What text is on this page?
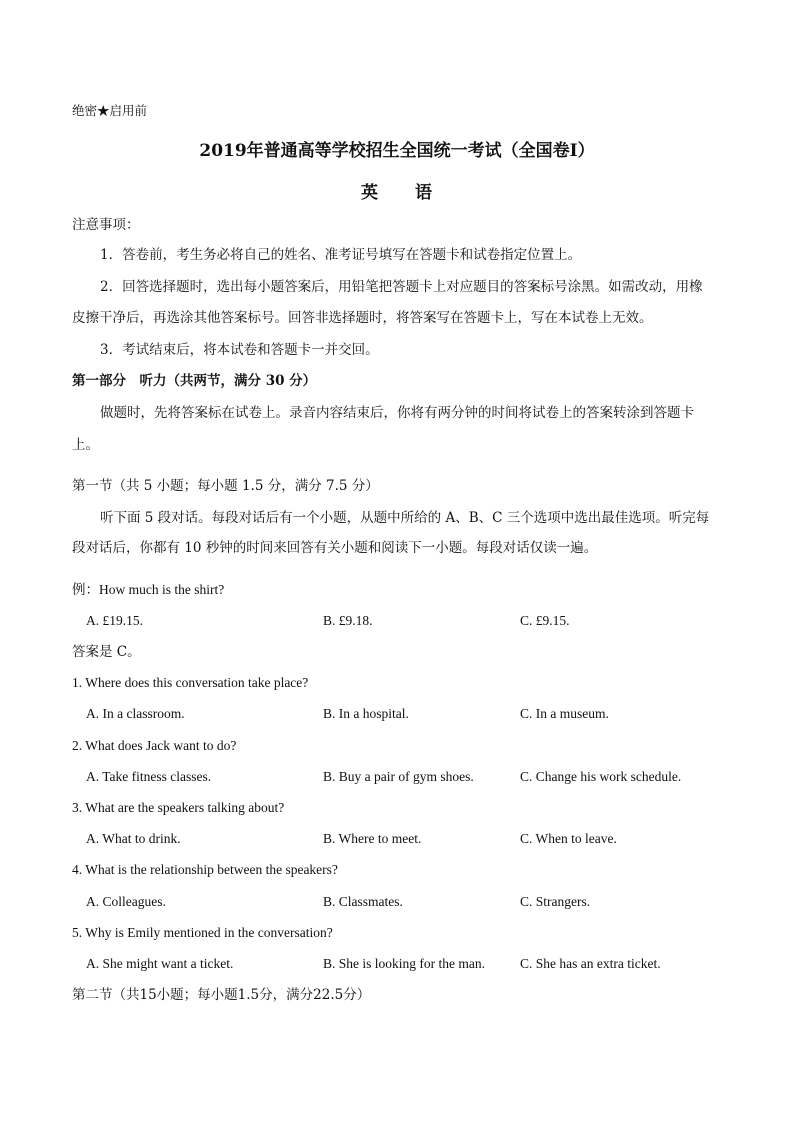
绝密★启用前
2019年普通高等学校招生全国统一考试（全国卷I）
英　　语
注意事项：
1．答卷前，考生务必将自己的姓名、准考证号填写在答题卡和试卷指定位置上。
2．回答选择题时，选出每小题答案后，用铅笔把答题卡上对应题目的答案标号涂黑。如需改动，用橡
皮擦干净后，再选涂其他答案标号。回答非选择题时，将答案写在答题卡上，写在本试卷上无效。
3．考试结束后，将本试卷和答题卡一并交回。
第一部分　听力（共两节，满分 30 分）
做题时，先将答案标在试卷上。录音内容结束后，你将有两分钟的时间将试卷上的答案转涂到答题卡
上。
第一节（共 5 小题；每小题 1.5 分，满分 7.5 分）
听下面 5 段对话。每段对话后有一个小题，从题中所给的 A、B、C 三个选项中选出最佳选项。听完每
段对话后，你都有 10 秒钟的时间来回答有关小题和阅读下一小题。每段对话仅读一遍。
例：How much is the shirt?
A. £19.15.	B. £9.18.	C. £9.15.
答案是 C。
1. Where does this conversation take place?
A. In a classroom.	B. In a hospital.	C. In a museum.
2. What does Jack want to do?
A. Take fitness classes.	B. Buy a pair of gym shoes.	C. Change his work schedule.
3. What are the speakers talking about?
A. What to drink.	B. Where to meet.	C. When to leave.
4. What is the relationship between the speakers?
A. Colleagues.	B. Classmates.	C. Strangers.
5. Why is Emily mentioned in the conversation?
A. She might want a ticket.	B. She is looking for the man.	C. She has an extra ticket.
第二节（共15小题；每小题1.5分，满分22.5分）
